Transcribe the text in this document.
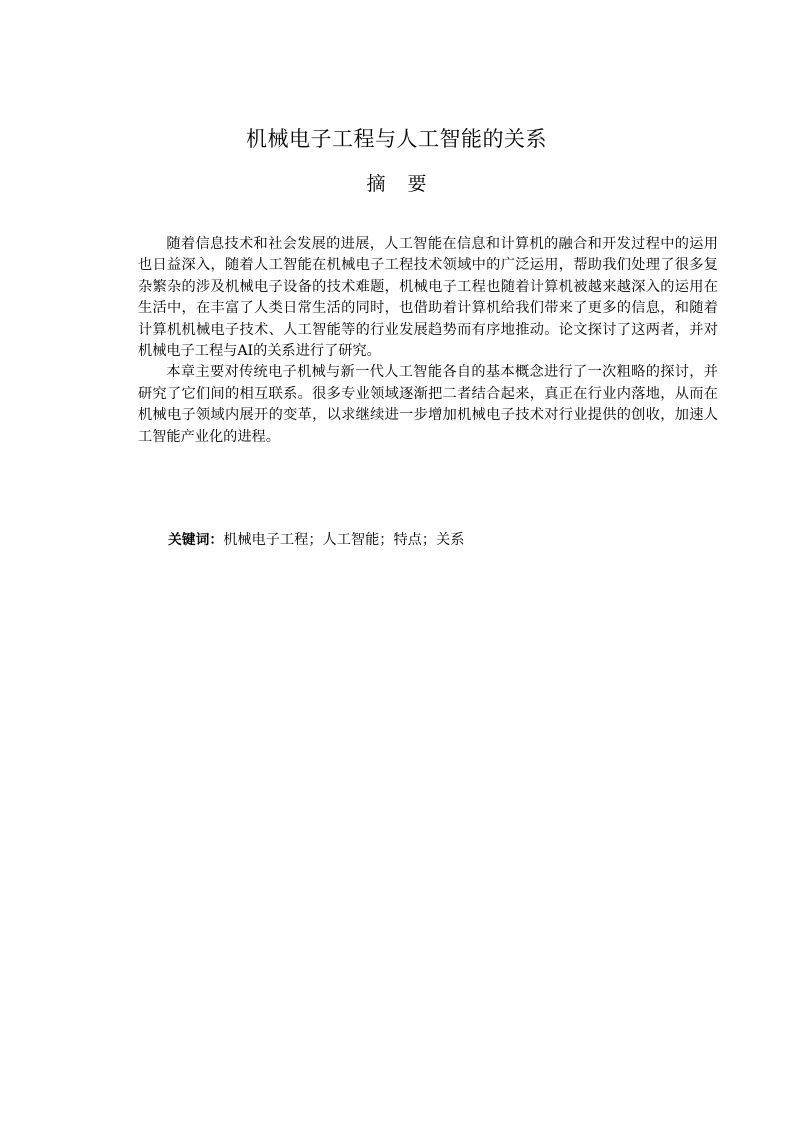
机械电子工程与人工智能的关系
摘 要

随着信息技术和社会发展的进展，人工智能在信息和计算机的融合和开发过程中的运用也日益深入，随着人工智能在机械电子工程技术领域中的广泛运用，帮助我们处理了很多复杂繁杂的涉及机械电子设备的技术难题，机械电子工程也随着计算机被越来越深入的运用在生活中，在丰富了人类日常生活的同时，也借助着计算机给我们带来了更多的信息，和随着计算机机械电子技术、人工智能等的行业发展趋势而有序地推动。论文探讨了这两者，并对机械电子工程与AI的关系进行了研究。

本章主要对传统电子机械与新一代人工智能各自的基本概念进行了一次粗略的探讨，并研究了它们间的相互联系。很多专业领域逐渐把二者结合起来，真正在行业内落地，从而在机械电子领域内展开的变革，以求继续进一步增加机械电子技术对行业提供的创收，加速人工智能产业化的进程。

关键词：机械电子工程；人工智能；特点；关系
